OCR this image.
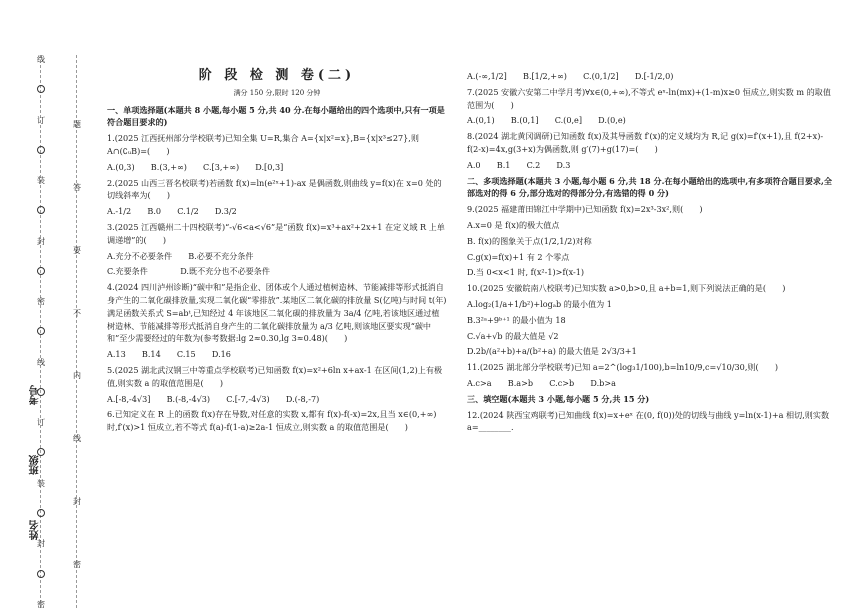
线
订
装
封
密
线
订
装
封
密
题
答
要
不
内
线
封
密
考号
班级
姓名

阶 段 检 测 卷(二)

满分 150 分,限时 120 分钟

一、单项选择题(本题共 8 小题,每小题 5 分,共 40 分.在每小题给出的四个选项中,只有一项是符合题目要求的)

1.(2025 江西抚州部分学校联考)已知全集 U=R,集合 A={x|x²=x},B={x|x³≤27},则 A∩(∁ᵤB)=(　　)

A.(0,3)　　B.(3,+∞)　　C.[3,+∞)　　D.[0,3]

2.(2025 山西三晋名校联考)若函数 f(x)=ln(e²ˣ+1)-ax 是偶函数,则曲线 y=f(x)在 x=0 处的切线斜率为(　　)

A.-1/2　　B.0　　C.1/2　　D.3/2

3.(2025 江西赣州二十四校联考)“-√6<a<√6”是“函数 f(x)=x³+ax²+2x+1 在定义域 R 上单调递增”的(　　)

A.充分不必要条件　　B.必要不充分条件

C.充要条件　　　　D.既不充分也不必要条件

4.(2024 四川泸州诊断)“碳中和”是指企业、团体或个人通过植树造林、节能减排等形式抵消自身产生的二氧化碳排放量,实现二氧化碳“零排放”.某地区二氧化碳的排放量 S(亿吨)与时间 t(年)满足函数关系式 S=abᵗ,已知经过 4 年该地区二氧化碳的排放量为 3a/4 亿吨,若该地区通过植树造林、节能减排等形式抵消自身产生的二氧化碳排放量为 a/3 亿吨,则该地区要实现“碳中和”至少需要经过的年数为(参考数据:lg 2≈0.30,lg 3≈0.48)(　　)

A.13　　B.14　　C.15　　D.16

5.(2025 湖北武汉钢三中等重点学校联考)已知函数 f(x)=x²+6ln x+ax-1 在区间(1,2)上有极值,则实数 a 的取值范围是(　　)

A.[-8,-4√3]　　B.(-8,-4√3)　　C.[-7,-4√3)　　D.(-8,-7)

6.已知定义在 R 上的函数 f(x)存在导数,对任意的实数 x,都有 f(x)-f(-x)=2x,且当 x∈(0,+∞)时,f′(x)>1 恒成立,若不等式 f(a)-f(1-a)≥2a-1 恒成立,则实数 a 的取值范围是(　　)

A.(-∞,1/2]　　B.[1/2,+∞)　　C.(0,1/2]　　D.[-1/2,0)

7.(2025 安徽六安第二中学月考)∀x∈(0,+∞),不等式 eˣ-ln(mx)+(1-m)x≥0 恒成立,则实数 m 的取值范围为(　　)

A.(0,1)　　B.(0,1]　　C.(0,e]　　D.(0,e)

8.(2024 湖北黄冈调研)已知函数 f(x)及其导函数 f′(x)的定义域均为 R,记 g(x)=f′(x+1),且 f(2+x)-f(2-x)=4x,g(3+x)为偶函数,则 g′(7)+g(17)=(　　)

A.0　　B.1　　C.2　　D.3

二、多项选择题(本题共 3 小题,每小题 6 分,共 18 分.在每小题给出的选项中,有多项符合题目要求,全部选对的得 6 分,部分选对的得部分分,有选错的得 0 分)

9.(2025 福建莆田锦江中学期中)已知函数 f(x)=2x³-3x²,则(　　)

A.x=0 是 f(x)的极大值点

B. f(x)的图象关于点(1/2,1/2)对称

C.g(x)=f(x)+1 有 2 个零点

D.当 0<x<1 时, f(x²-1)>f(x-1)

10.(2025 安徽皖南八校联考)已知实数 a>0,b>0,且 a+b=1,则下列说法正确的是(　　)

A.log₂(1/a+1/b²)+logₐb 的最小值为 1

B.3²ᵃ+9ᵇ⁺¹ 的最小值为 18

C.√a+√b 的最大值是 √2

D.2b/(a²+b)+a/(b²+a) 的最大值是 2√3/3+1

11.(2025 湖北部分学校联考)已知 a=2^(log₃1/100),b=ln10/9,c=√10/30,则(　　)

A.c>a　　B.a>b　　C.c>b　　D.b>a

三、填空题(本题共 3 小题,每小题 5 分,共 15 分)

12.(2024 陕西宝鸡联考)已知曲线 f(x)=x+eˣ 在(0, f(0))处的切线与曲线 y=ln(x-1)+a 相切,则实数 a=________.
